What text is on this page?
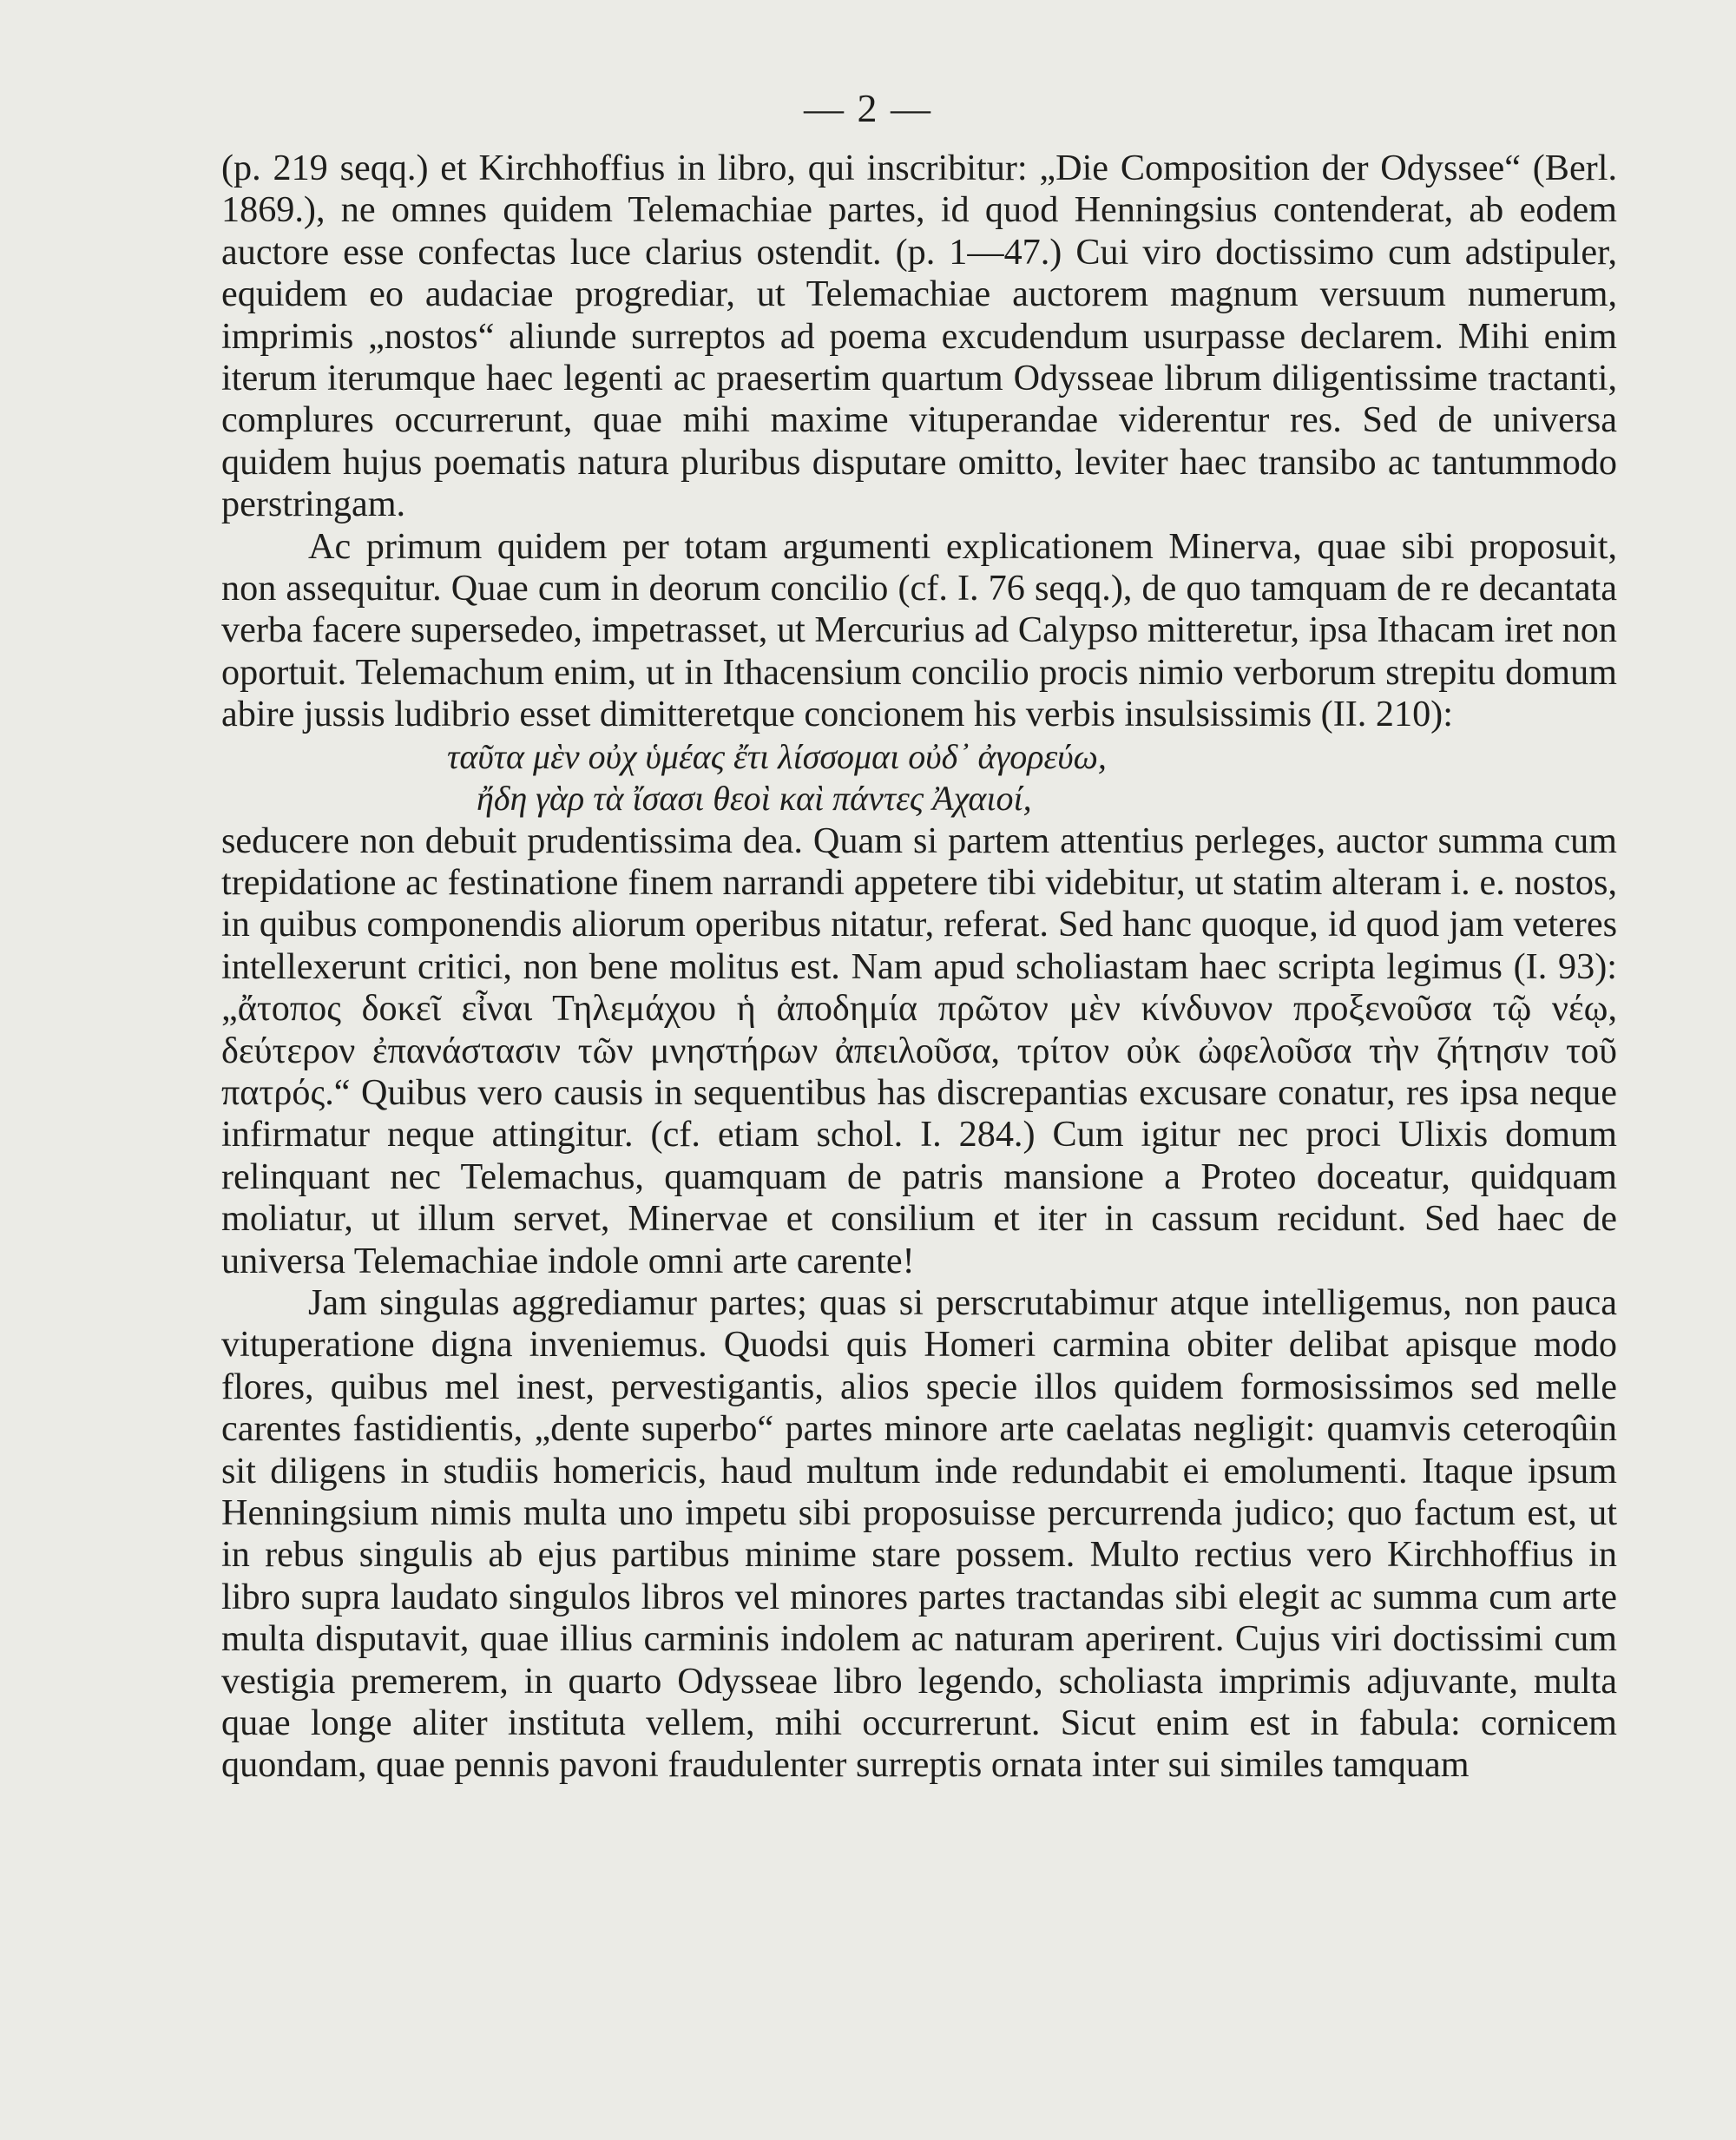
— 2 —

(p. 219 seqq.) et Kirchhoffius in libro, qui inscribitur: „Die Composition der Odyssee“ (Berl. 1869.), ne omnes quidem Telemachiae partes, id quod Henningsius contenderat, ab eodem auctore esse confectas luce clarius ostendit. (p. 1—47.) Cui viro doctissimo cum adstipuler, equidem eo audaciae progrediar, ut Telemachiae auctorem magnum versuum numerum, imprimis „nostos“ aliunde surreptos ad poema excudendum usurpasse declarem. Mihi enim iterum iterumque haec legenti ac praesertim quartum Odysseae librum diligentissime tractanti, complures occurrerunt, quae mihi maxime vituperandae viderentur res. Sed de universa quidem hujus poematis natura pluribus disputare omitto, leviter haec transibo ac tantummodo perstringam.

Ac primum quidem per totam argumenti explicationem Minerva, quae sibi proposuit, non assequitur. Quae cum in deorum concilio (cf. I. 76 seqq.), de quo tamquam de re decantata verba facere supersedeo, impetrasset, ut Mercurius ad Calypso mitteretur, ipsa Ithacam iret non oportuit. Telemachum enim, ut in Ithacensium concilio procis nimio verborum strepitu domum abire jussis ludibrio esset dimitteretque concionem his verbis insulsissimis (II. 210):

ταῦτα μὲν οὐχ ὑμέας ἔτι λίσσομαι οὐδ᾽ ἀγορεύω,
ἤδη γὰρ τὰ ἴσασι θεοὶ καὶ πάντες Ἀχαιοί,

seducere non debuit prudentissima dea. Quam si partem attentius perleges, auctor summa cum trepidatione ac festinatione finem narrandi appetere tibi videbitur, ut statim alteram i. e. nostos, in quibus componendis aliorum operibus nitatur, referat. Sed hanc quoque, id quod jam veteres intellexerunt critici, non bene molitus est. Nam apud scholiastam haec scripta legimus (I. 93): „ἄτοπος δοκεῖ εἶναι Τηλεμάχου ἡ ἀποδημία πρῶτον μὲν κίνδυνον προξενοῦσα τῷ νέῳ, δεύτερον ἐπανάστασιν τῶν μνηστήρων ἀπειλοῦσα, τρίτον οὐκ ὠφελοῦσα τὴν ζήτησιν τοῦ πατρός.“ Quibus vero causis in sequentibus has discrepantias excusare conatur, res ipsa neque infirmatur neque attingitur. (cf. etiam schol. I. 284.) Cum igitur nec proci Ulixis domum relinquant nec Telemachus, quamquam de patris mansione a Proteo doceatur, quidquam moliatur, ut illum servet, Minervae et consilium et iter in cassum recidunt. Sed haec de universa Telemachiae indole omni arte carente!

Jam singulas aggrediamur partes; quas si perscrutabimur atque intelligemus, non pauca vituperatione digna inveniemus. Quodsi quis Homeri carmina obiter delibat apisque modo flores, quibus mel inest, pervestigantis, alios specie illos quidem formosissimos sed melle carentes fastidientis, „dente superbo“ partes minore arte caelatas negligit: quamvis ceteroqûin sit diligens in studiis homericis, haud multum inde redundabit ei emolumenti. Itaque ipsum Henningsium nimis multa uno impetu sibi proposuisse percurrenda judico; quo factum est, ut in rebus singulis ab ejus partibus minime stare possem. Multo rectius vero Kirchhoffius in libro supra laudato singulos libros vel minores partes tractandas sibi elegit ac summa cum arte multa disputavit, quae illius carminis indolem ac naturam aperirent. Cujus viri doctissimi cum vestigia premerem, in quarto Odysseae libro legendo, scholiasta imprimis adjuvante, multa quae longe aliter instituta vellem, mihi occurrerunt. Sicut enim est in fabula: cornicem quondam, quae pennis pavoni fraudulenter surreptis ornata inter sui similes tamquam
